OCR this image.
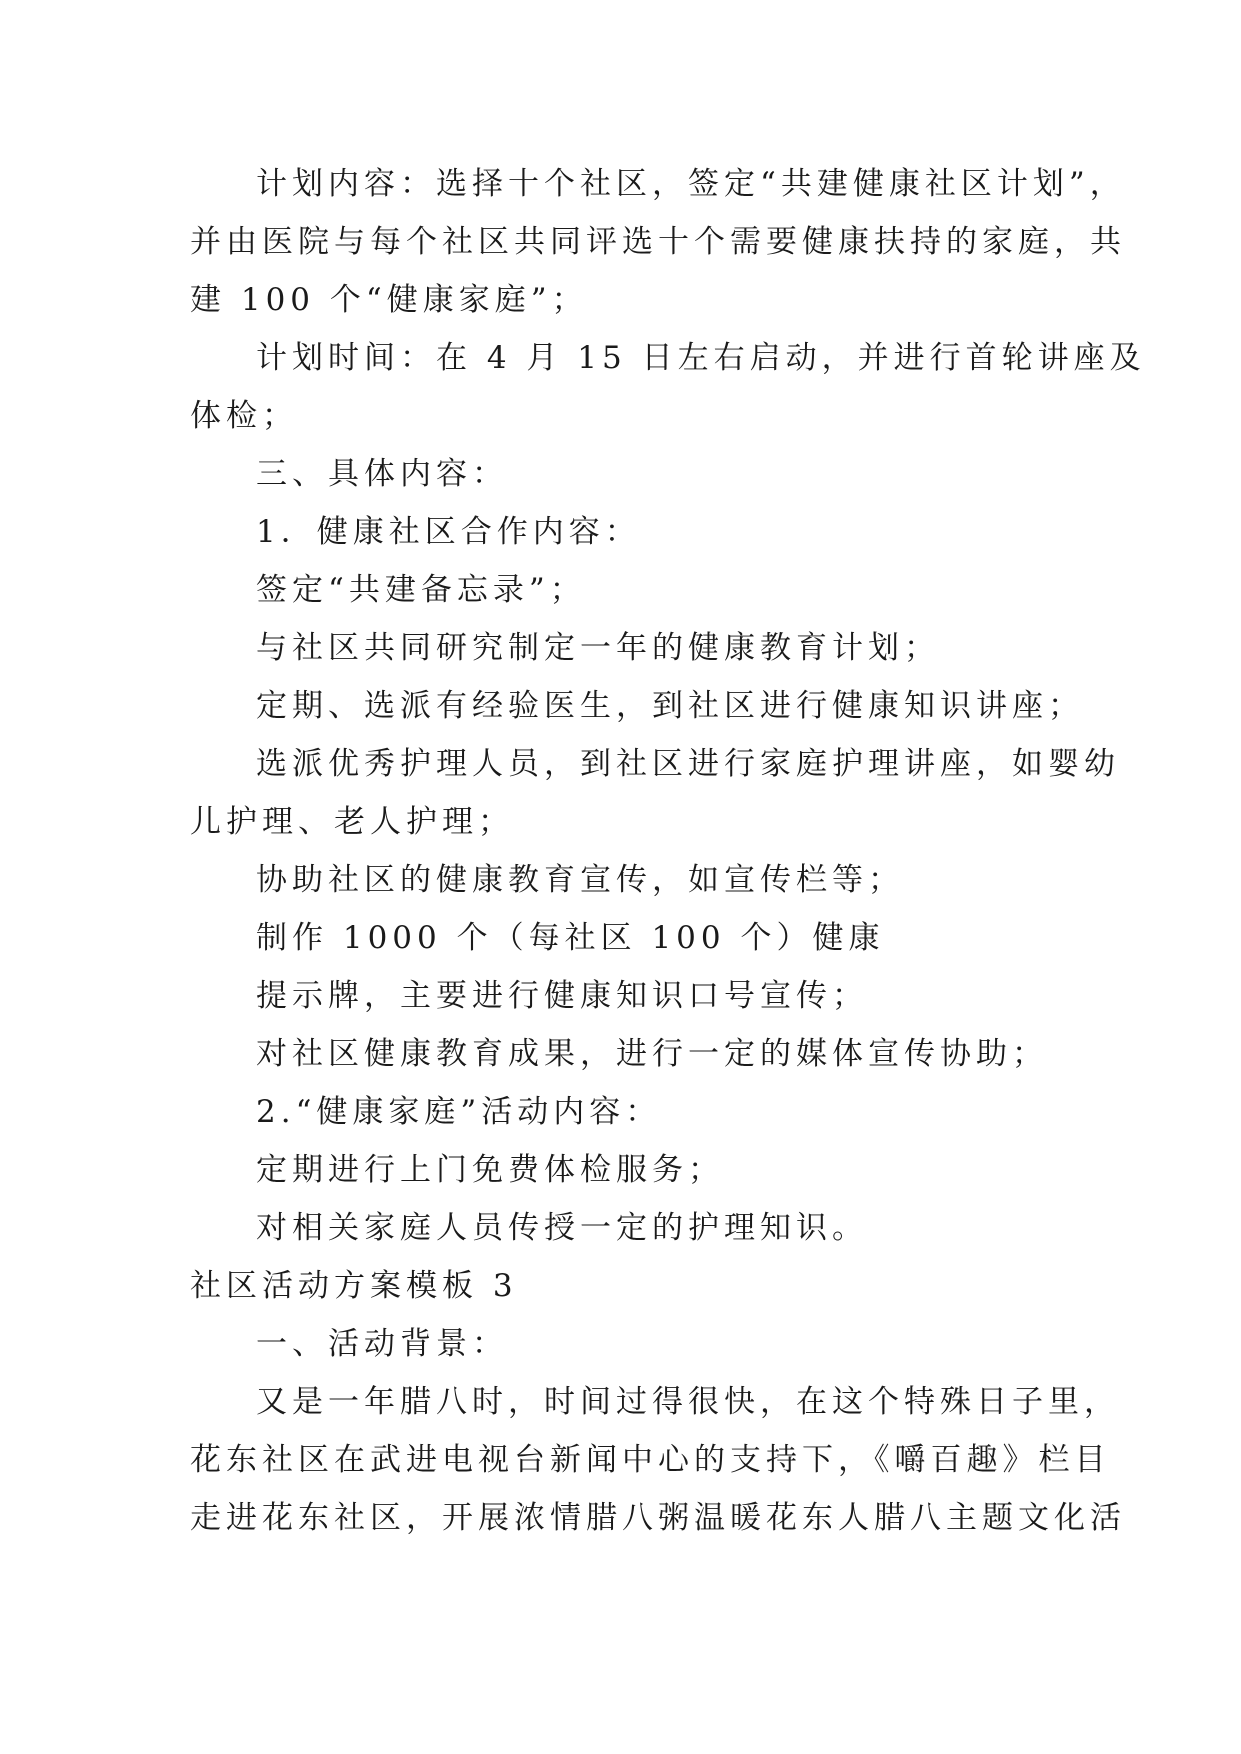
计划内容：选择十个社区，签定“共建健康社区计划”，
并由医院与每个社区共同评选十个需要健康扶持的家庭，共
建 100 个“健康家庭”；
计划时间：在 4 月 15 日左右启动，并进行首轮讲座及
体检；
三、具体内容：
1．健康社区合作内容：
签定“共建备忘录”；
与社区共同研究制定一年的健康教育计划；
定期、选派有经验医生，到社区进行健康知识讲座；
选派优秀护理人员，到社区进行家庭护理讲座，如婴幼
儿护理、老人护理；
协助社区的健康教育宣传，如宣传栏等；
制作 1000 个（每社区 100 个）健康
提示牌，主要进行健康知识口号宣传；
对社区健康教育成果，进行一定的媒体宣传协助；
2.“健康家庭”活动内容：
定期进行上门免费体检服务；
对相关家庭人员传授一定的护理知识。
社区活动方案模板 3
一、活动背景：
又是一年腊八时，时间过得很快，在这个特殊日子里，
花东社区在武进电视台新闻中心的支持下，《嚼百趣》栏目
走进花东社区，开展浓情腊八粥温暖花东人腊八主题文化活
